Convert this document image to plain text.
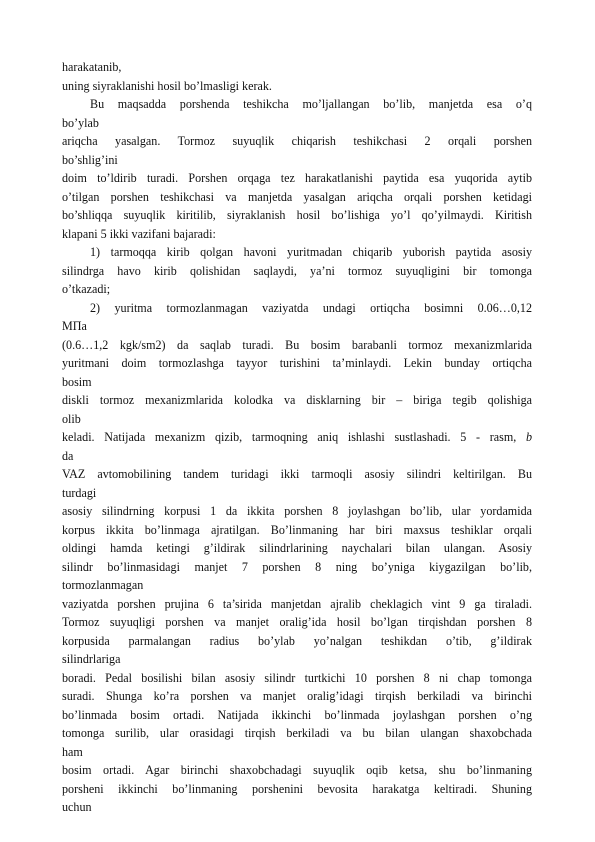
harakatanib,
uning siyraklanishi hosil bo’lmasligi kerak.
Bu maqsadda porshenda teshikcha mo’ljallangan bo’lib, manjetda esa o’q
bo’ylab
ariqcha yasalgan. Tormoz suyuqlik chiqarish teshikchasi 2 orqali porshen
bo’shlig’ini
doim to’ldirib turadi. Porshen orqaga tez harakatlanishi paytida esa yuqorida aytib
o’tilgan porshen teshikchasi va manjetda yasalgan ariqcha orqali porshen ketidagi
bo’shliqqa suyuqlik kiritilib, siyraklanish hosil bo’lishiga yo’l qo’yilmaydi. Kiritish
klapani 5 ikki vazifani bajaradi:
1) tarmoqqa kirib qolgan havoni yuritmadan chiqarib yuborish paytida asosiy
silindrga havo kirib qolishidan saqlaydi, ya’ni tormoz suyuqligini bir tomonga
o’tkazadi;
2) yuritma tormozlanmagan vaziyatda undagi ortiqcha bosimni 0.06…0,12
МПа
(0.6…1,2 kgk/sm2) da saqlab turadi. Bu bosim barabanli tormoz mexanizmlarida
yuritmani doim tormozlashga tayyor turishini ta’minlaydi. Lekin bunday ortiqcha
bosim
diskli tormoz mexanizmlarida kolodka va disklarning bir – biriga tegib qolishiga
olib
keladi. Natijada mexanizm qizib, tarmoqning aniq ishlashi sustlashadi. 5 - rasm, b
da
VAZ avtomobilining tandem turidagi ikki tarmoqli asosiy silindri keltirilgan. Bu
turdagi
asosiy silindrning korpusi 1 da ikkita porshen 8 joylashgan bo’lib, ular yordamida
korpus ikkita bo’linmaga ajratilgan. Bo’linmaning har biri maxsus teshiklar orqali
oldingi hamda ketingi g’ildirak silindrlarining naychalari bilan ulangan. Asosiy
silindr bo’linmasidagi manjet 7 porshen 8 ning bo’yniga kiygazilgan bo’lib,
tormozlanmagan
vaziyatda porshen prujina 6 ta’sirida manjetdan ajralib cheklagich vint 9 ga tiraladi.
Tormoz suyuqligi porshen va manjet oralig’ida hosil bo’lgan tirqishdan porshen 8
korpusida parmalangan radius bo’ylab yo’nalgan teshikdan o’tib, g’ildirak
silindrlariga
boradi. Pedal bosilishi bilan asosiy silindr turtkichi 10 porshen 8 ni chap tomonga
suradi. Shunga ko’ra porshen va manjet oralig’idagi tirqish berkiladi va birinchi
bo’linmada bosim ortadi. Natijada ikkinchi bo’linmada joylashgan porshen o’ng
tomonga surilib, ular orasidagi tirqish berkiladi va bu bilan ulangan shaxobchada
ham
bosim ortadi. Agar birinchi shaxobchadagi suyuqlik oqib ketsa, shu bo’linmaning
porsheni ikkinchi bo’linmaning porshenini bevosita harakatga keltiradi. Shuning
uchun
